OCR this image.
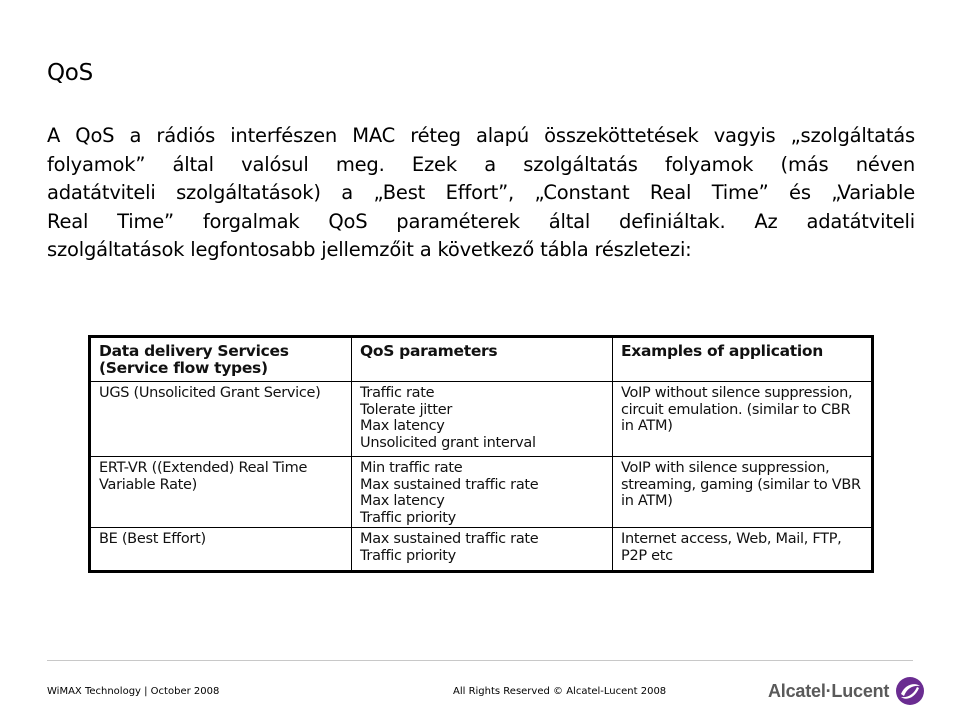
QoS
A QoS a rádiós interfészen MAC réteg alapú összeköttetések vagyis „szolgáltatás
folyamok” által valósul meg. Ezek a szolgáltatás folyamok (más néven
adatátviteli szolgáltatások) a „Best Effort”, „Constant Real Time” és „Variable
Real Time” forgalmak QoS paraméterek által definiáltak. Az adatátviteli
szolgáltatások legfontosabb jellemzőit a következő tábla részletezi:
Data delivery Services
(Service flow types)	QoS parameters	Examples of application

UGS (Unsolicited Grant Service)	Traffic rate
Tolerate jitter
Max latency
Unsolicited grant interval	VoIP without silence suppression,
circuit emulation. (similar to CBR
in ATM)

ERT-VR ((Extended) Real Time
Variable Rate)	Min traffic rate
Max sustained traffic rate
Max latency
Traffic priority	VoIP with silence suppression,
streaming, gaming (similar to VBR
in ATM)

BE (Best Effort)	Max sustained traffic rate
Traffic priority	Internet access, Web, Mail, FTP,
P2P etc
WiMAX Technology | October 2008	All Rights Reserved © Alcatel-Lucent 2008	Alcatel·Lucent
